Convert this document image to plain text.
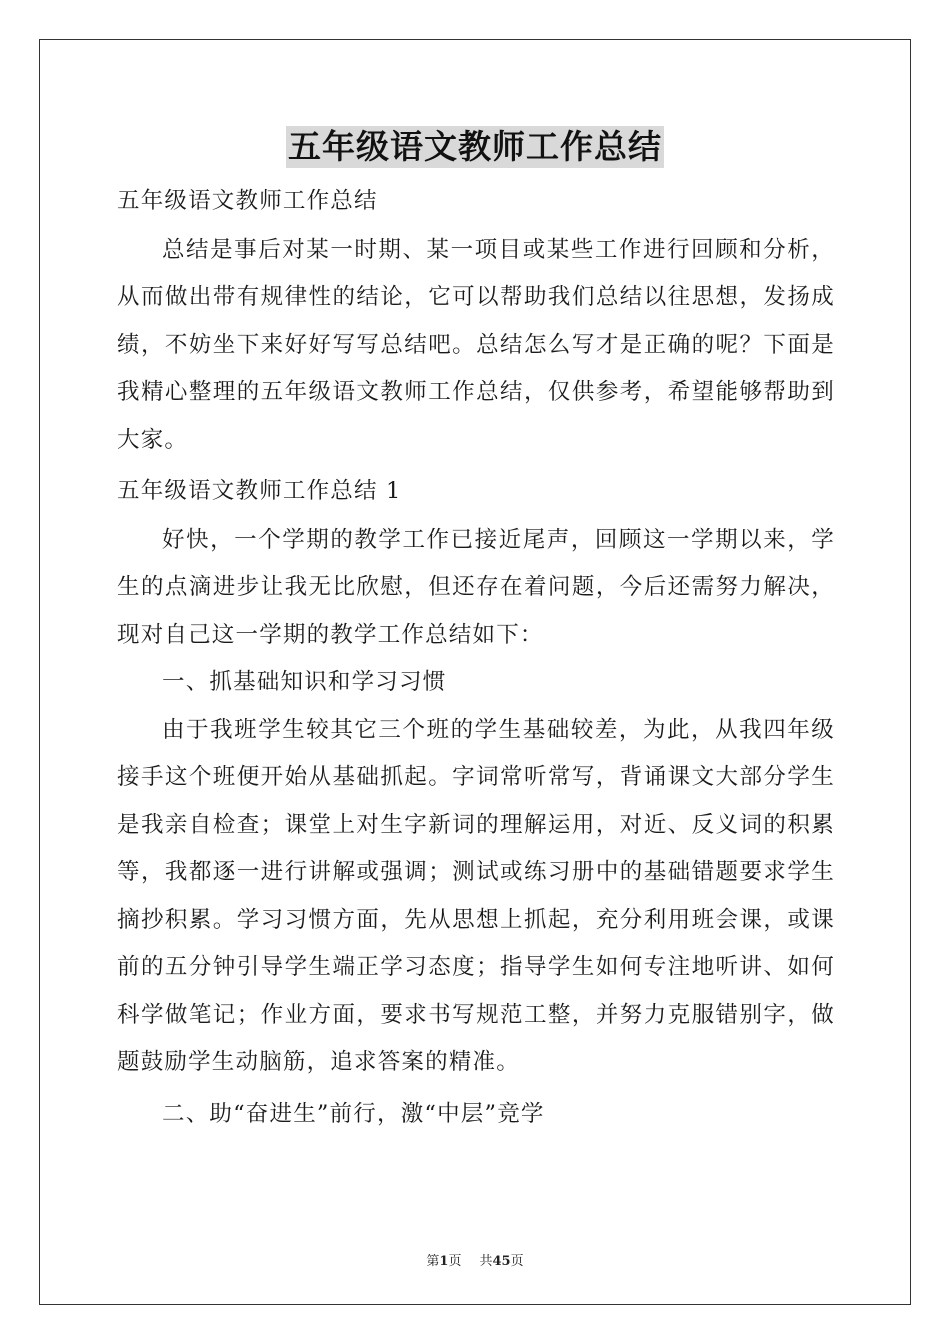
五年级语文教师工作总结

五年级语文教师工作总结

总结是事后对某一时期、某一项目或某些工作进行回顾和分析，从而做出带有规律性的结论，它可以帮助我们总结以往思想，发扬成绩，不妨坐下来好好写写总结吧。总结怎么写才是正确的呢？下面是我精心整理的五年级语文教师工作总结，仅供参考，希望能够帮助到大家。

五年级语文教师工作总结 1

好快，一个学期的教学工作已接近尾声，回顾这一学期以来，学生的点滴进步让我无比欣慰，但还存在着问题，今后还需努力解决，现对自己这一学期的教学工作总结如下：

一、抓基础知识和学习习惯

由于我班学生较其它三个班的学生基础较差，为此，从我四年级接手这个班便开始从基础抓起。字词常听常写，背诵课文大部分学生是我亲自检查；课堂上对生字新词的理解运用，对近、反义词的积累等，我都逐一进行讲解或强调；测试或练习册中的基础错题要求学生摘抄积累。学习习惯方面，先从思想上抓起，充分利用班会课，或课前的五分钟引导学生端正学习态度；指导学生如何专注地听讲、如何科学做笔记；作业方面，要求书写规范工整，并努力克服错别字，做题鼓励学生动脑筋，追求答案的精准。

二、助“奋进生”前行，激“中层”竞学

第1页 共45页
